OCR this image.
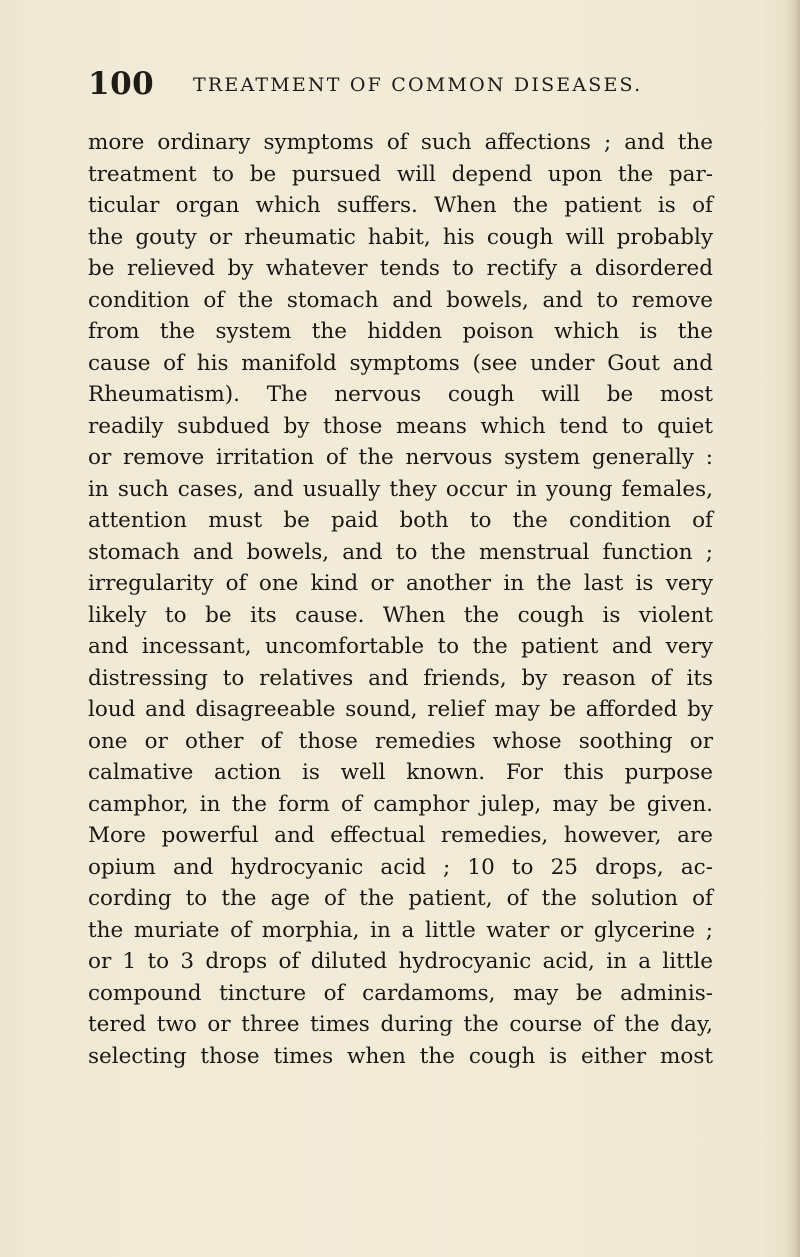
100 TREATMENT OF COMMON DISEASES.
more ordinary symptoms of such affections ; and the
treatment to be pursued will depend upon the par-
ticular organ which suffers. When the patient is of
the gouty or rheumatic habit, his cough will probably
be relieved by whatever tends to rectify a disordered
condition of the stomach and bowels, and to remove
from the system the hidden poison which is the
cause of his manifold symptoms (see under Gout and
Rheumatism). The nervous cough will be most
readily subdued by those means which tend to quiet
or remove irritation of the nervous system generally :
in such cases, and usually they occur in young females,
attention must be paid both to the condition of
stomach and bowels, and to the menstrual function ;
irregularity of one kind or another in the last is very
likely to be its cause. When the cough is violent
and incessant, uncomfortable to the patient and very
distressing to relatives and friends, by reason of its
loud and disagreeable sound, relief may be afforded by
one or other of those remedies whose soothing or
calmative action is well known. For this purpose
camphor, in the form of camphor julep, may be given.
More powerful and effectual remedies, however, are
opium and hydrocyanic acid ; 10 to 25 drops, ac-
cording to the age of the patient, of the solution of
the muriate of morphia, in a little water or glycerine ;
or 1 to 3 drops of diluted hydrocyanic acid, in a little
compound tincture of cardamoms, may be adminis-
tered two or three times during the course of the day,
selecting those times when the cough is either most
